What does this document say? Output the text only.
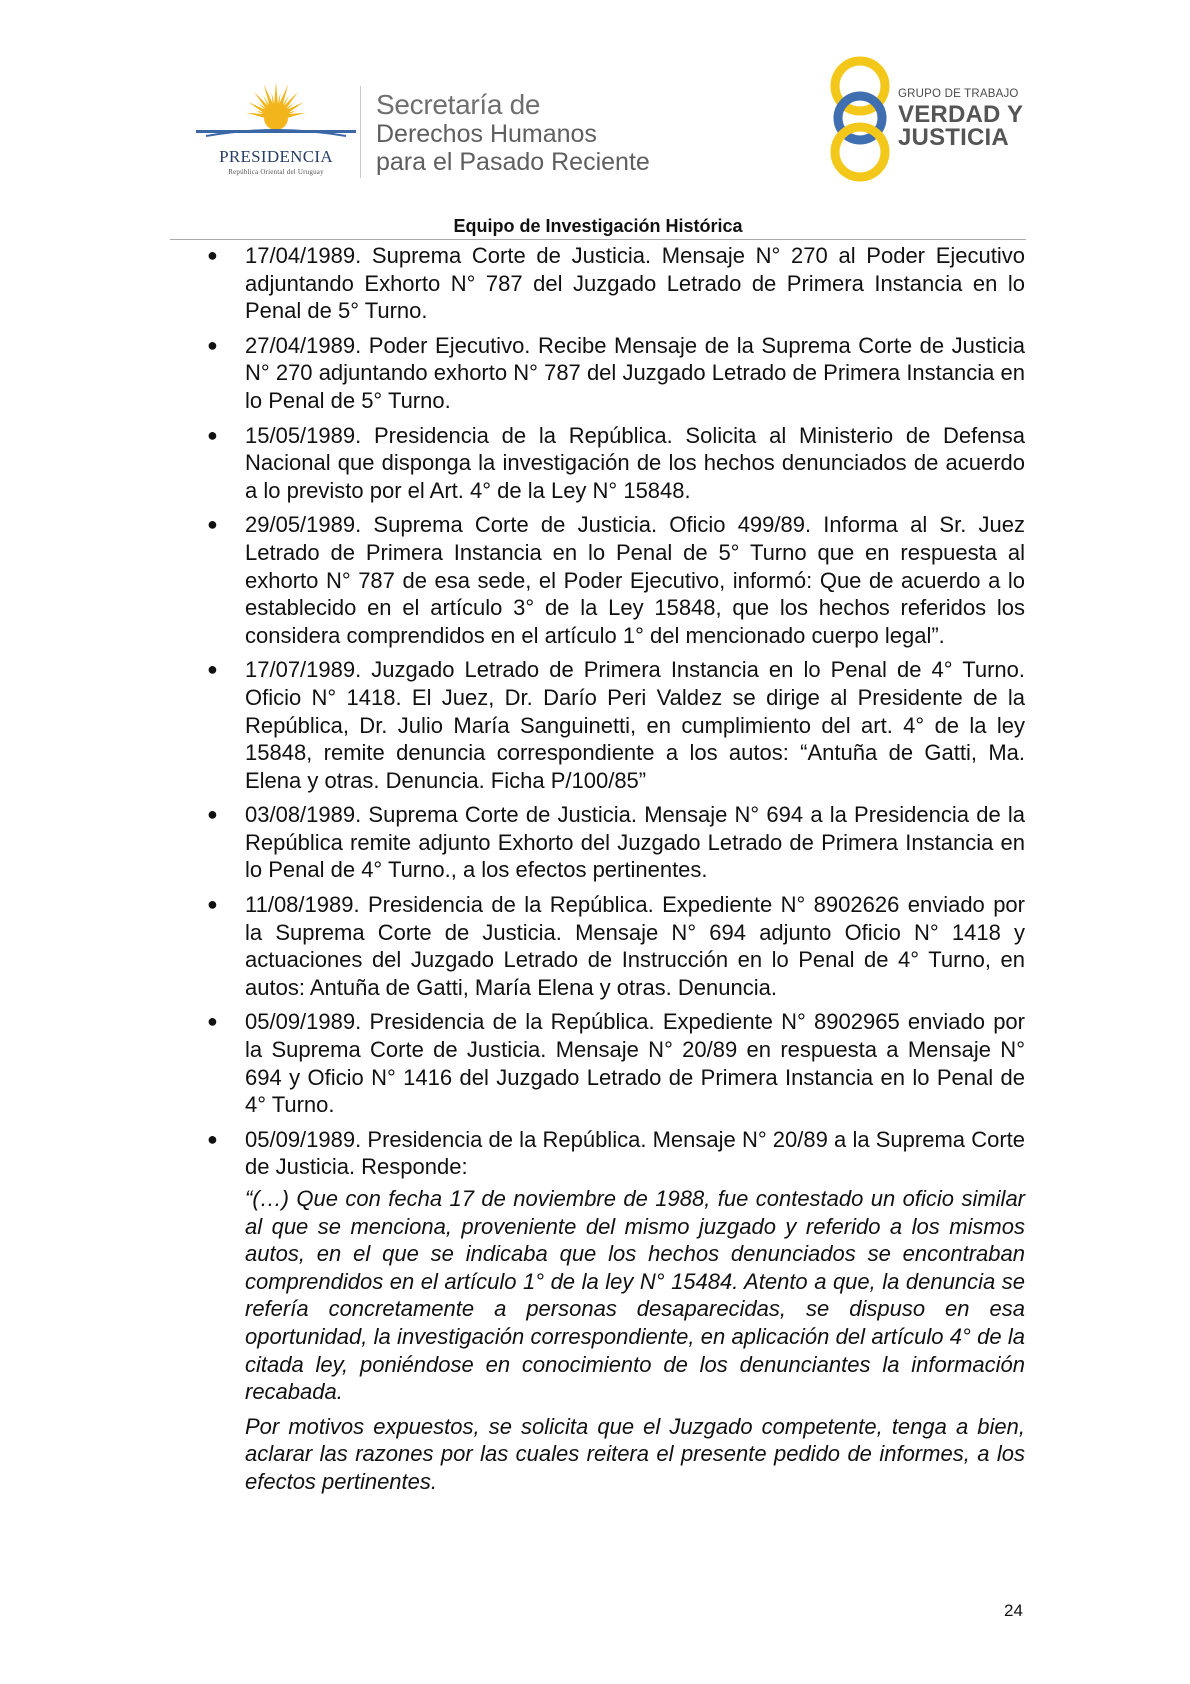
PRESIDENCIA
República Oriental del Uruguay
Secretaría de
Derechos Humanos
para el Pasado Reciente
GRUPO DE TRABAJO
VERDAD Y
JUSTICIA
Equipo de Investigación Histórica
● 17/04/1989. Suprema Corte de Justicia. Mensaje N° 270 al Poder Ejecutivo adjuntando Exhorto N° 787 del Juzgado Letrado de Primera Instancia en lo Penal de 5° Turno.
● 27/04/1989. Poder Ejecutivo. Recibe Mensaje de la Suprema Corte de Justicia N° 270 adjuntando exhorto N° 787 del Juzgado Letrado de Primera Instancia en lo Penal de 5° Turno.
● 15/05/1989. Presidencia de la República. Solicita al Ministerio de Defensa Nacional que disponga la investigación de los hechos denunciados de acuerdo a lo previsto por el Art. 4° de la Ley N° 15848.
● 29/05/1989. Suprema Corte de Justicia. Oficio 499/89. Informa al Sr. Juez Letrado de Primera Instancia en lo Penal de 5° Turno que en respuesta al exhorto N° 787 de esa sede, el Poder Ejecutivo, informó: Que de acuerdo a lo establecido en el artículo 3° de la Ley 15848, que los hechos referidos los considera comprendidos en el artículo 1° del mencionado cuerpo legal”.
● 17/07/1989. Juzgado Letrado de Primera Instancia en lo Penal de 4° Turno. Oficio N° 1418. El Juez, Dr. Darío Peri Valdez se dirige al Presidente de la República, Dr. Julio María Sanguinetti, en cumplimiento del art. 4° de la ley 15848, remite denuncia correspondiente a los autos: “Antuña de Gatti, Ma. Elena y otras. Denuncia. Ficha P/100/85”
● 03/08/1989. Suprema Corte de Justicia. Mensaje N° 694 a la Presidencia de la República remite adjunto Exhorto del Juzgado Letrado de Primera Instancia en lo Penal de 4° Turno., a los efectos pertinentes.
● 11/08/1989. Presidencia de la República. Expediente N° 8902626 enviado por la Suprema Corte de Justicia. Mensaje N° 694 adjunto Oficio N° 1418 y actuaciones del Juzgado Letrado de Instrucción en lo Penal de 4° Turno, en autos: Antuña de Gatti, María Elena y otras. Denuncia.
● 05/09/1989. Presidencia de la República. Expediente N° 8902965 enviado por la Suprema Corte de Justicia. Mensaje N° 20/89 en respuesta a Mensaje N° 694 y Oficio N° 1416 del Juzgado Letrado de Primera Instancia en lo Penal de 4° Turno.
● 05/09/1989. Presidencia de la República. Mensaje N° 20/89 a la Suprema Corte de Justicia. Responde:
“(…) Que con fecha 17 de noviembre de 1988, fue contestado un oficio similar al que se menciona, proveniente del mismo juzgado y referido a los mismos autos, en el que se indicaba que los hechos denunciados se encontraban comprendidos en el artículo 1° de la ley N° 15484. Atento a que, la denuncia se refería concretamente a personas desaparecidas, se dispuso en esa oportunidad, la investigación correspondiente, en aplicación del artículo 4° de la citada ley, poniéndose en conocimiento de los denunciantes la información recabada.
Por motivos expuestos, se solicita que el Juzgado competente, tenga a bien, aclarar las razones por las cuales reitera el presente pedido de informes, a los efectos pertinentes.
24
